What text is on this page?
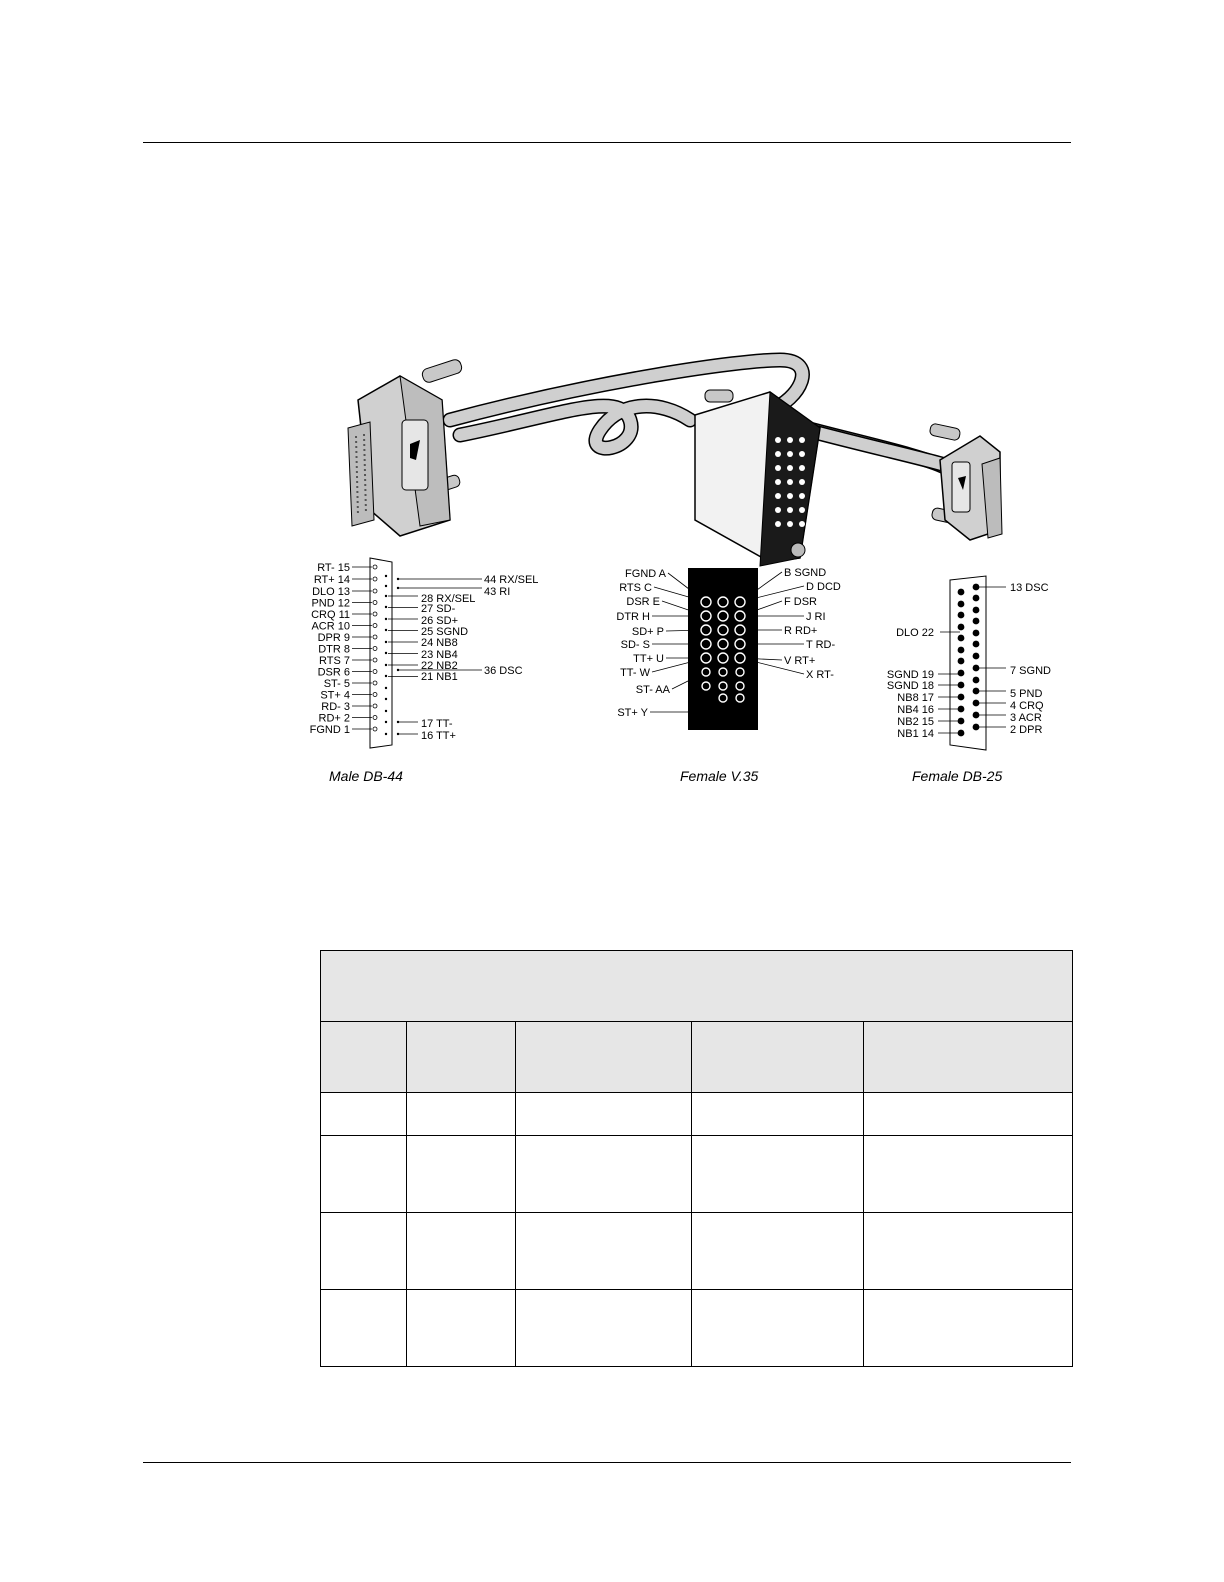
RT- 15
RT+ 14
DLO 13
PND 12
CRQ 11
ACR 10
DPR 9
DTR 8
RTS 7
DSR 6
ST- 5
ST+ 4
RD- 3
RD+ 2
FGND 1
44 RX/SEL
43 RI
28 RX/SEL
27 SD-
26 SD+
25 SGND
24 NB8
23 NB4
22 NB2
21 NB1 36 DSC
17 TT-
16 TT+
FGND A
RTS C
DSR E
DTR H
SD+ P
SD- S
TT+ U
TT- W
ST- AA
ST+ Y
B SGND
D DCD
F DSR
J RI
R RD+
T RD-
V RT+
X RT-
DLO 22
SGND 19
SGND 18
NB8 17
NB4 16
NB2 15
NB1 14
13 DSC
7 SGND
5 PND
4 CRQ
3 ACR
2 DPR
Male DB-44	Female V.35	Female DB-25
